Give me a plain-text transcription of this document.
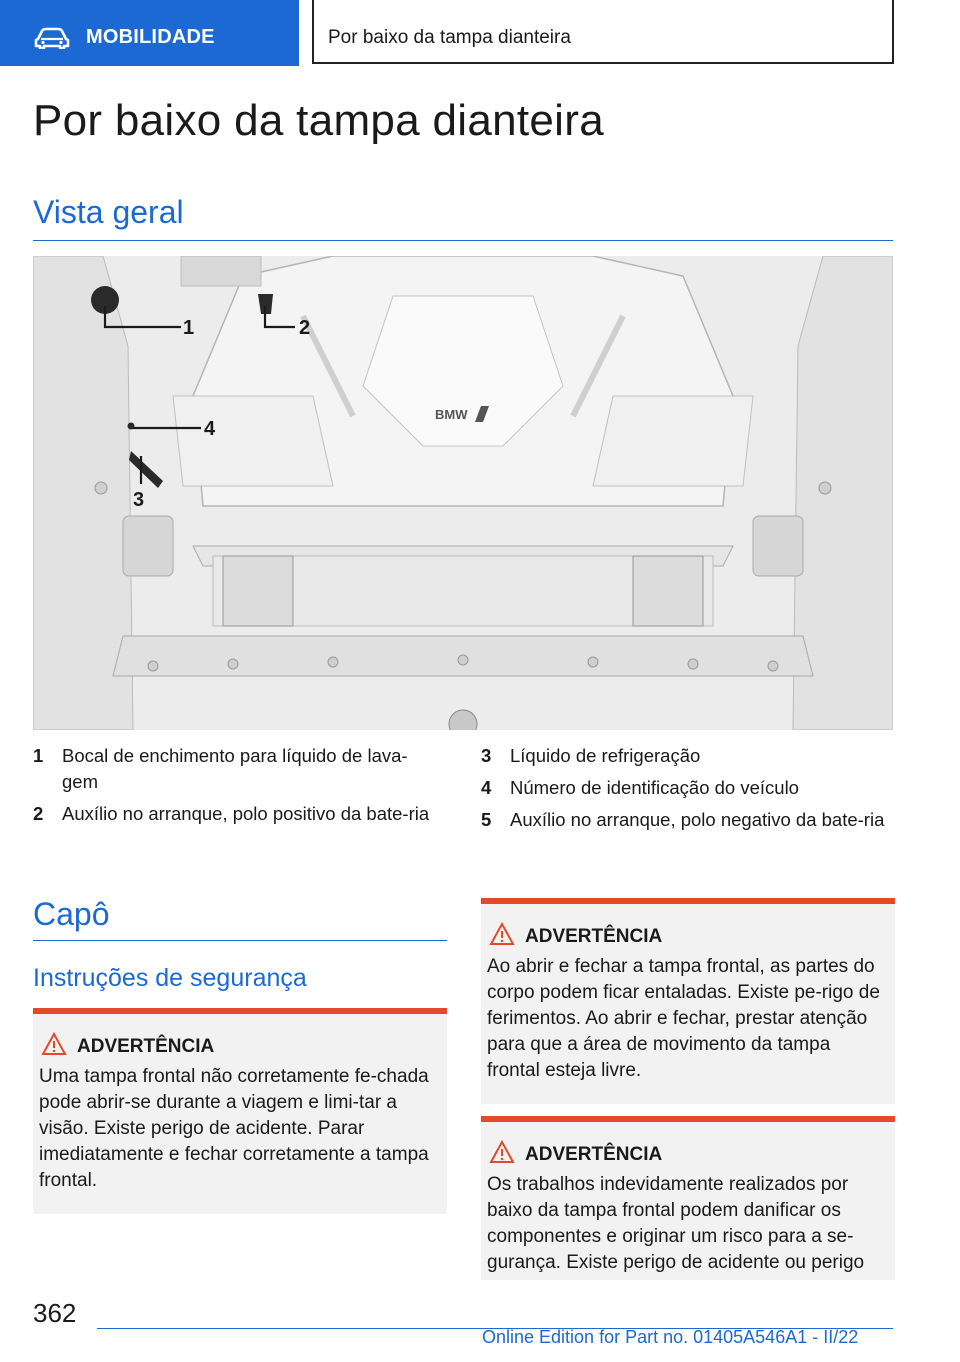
MOBILIDADE	Por baixo da tampa dianteira
Por baixo da tampa dianteira
Vista geral
BMW
1	2
3
4
1 Bocal de enchimento para líquido de lava-gem
2 Auxílio no arranque, polo positivo da bate-ria
3 Líquido de refrigeração
4 Número de identificação do veículo
5 Auxílio no arranque, polo negativo da bate-ria
Capô
Instruções de segurança
ADVERTÊNCIA
Uma tampa frontal não corretamente fe-chada pode abrir-se durante a viagem e limi-tar a visão. Existe perigo de acidente. Parar imediatamente e fechar corretamente a tampa frontal.
ADVERTÊNCIA
Ao abrir e fechar a tampa frontal, as partes do corpo podem ficar entaladas. Existe pe-rigo de ferimentos. Ao abrir e fechar, prestar atenção para que a área de movimento da tampa frontal esteja livre.
ADVERTÊNCIA
Os trabalhos indevidamente realizados por baixo da tampa frontal podem danificar os componentes e originar um risco para a se-gurança. Existe perigo de acidente ou perigo
362
Online Edition for Part no. 01405A546A1 - II/22
